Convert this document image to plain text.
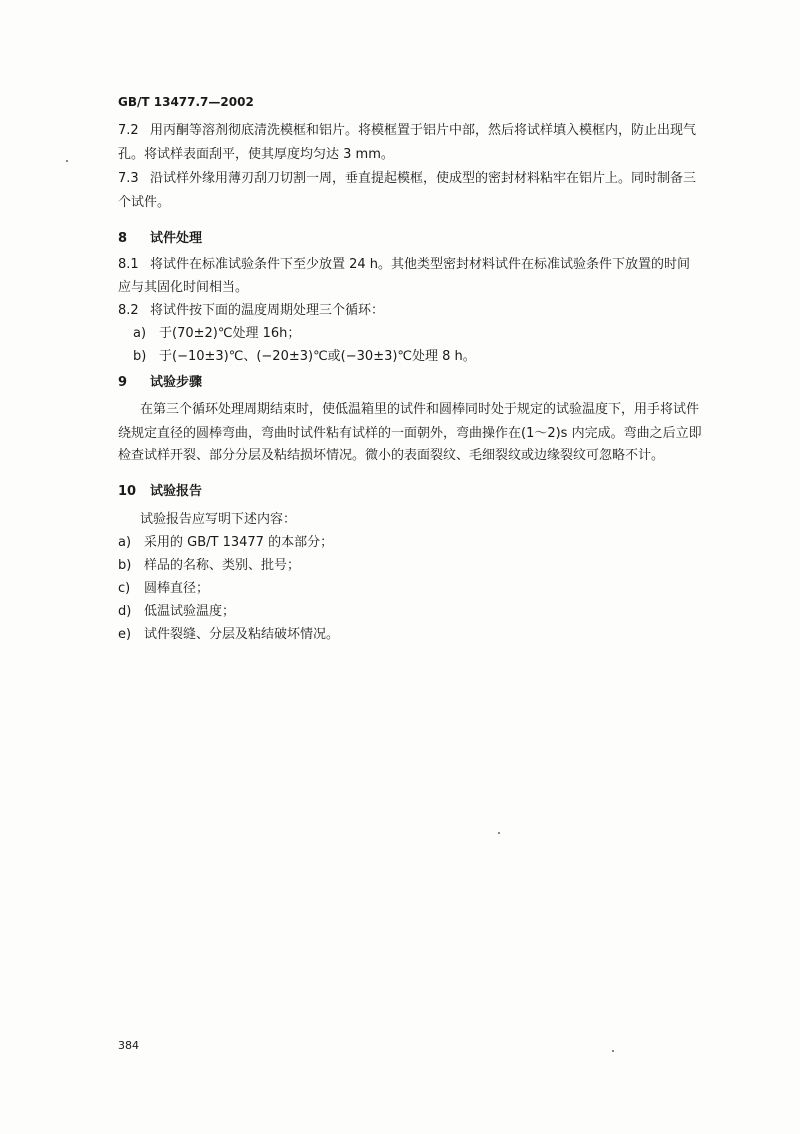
GB/T 13477.7—2002
7.2 用丙酮等溶剂彻底清洗模框和铝片。将模框置于铝片中部，然后将试样填入模框内，防止出现气
孔。将试样表面刮平，使其厚度均匀达 3 mm。
7.3 沿试样外缘用薄刃刮刀切割一周，垂直提起模框，使成型的密封材料粘牢在铝片上。同时制备三
个试件。
8 试件处理
8.1 将试件在标准试验条件下至少放置 24 h。其他类型密封材料试件在标准试验条件下放置的时间
应与其固化时间相当。
8.2 将试件按下面的温度周期处理三个循环：
a) 于(70±2)℃处理 16h；
b) 于(−10±3)℃、(−20±3)℃或(−30±3)℃处理 8 h。
9 试验步骤
在第三个循环处理周期结束时，使低温箱里的试件和圆棒同时处于规定的试验温度下，用手将试件
绕规定直径的圆棒弯曲，弯曲时试件粘有试样的一面朝外，弯曲操作在(1～2)s 内完成。弯曲之后立即
检查试样开裂、部分分层及粘结损坏情况。微小的表面裂纹、毛细裂纹或边缘裂纹可忽略不计。
10 试验报告
试验报告应写明下述内容：
a) 采用的 GB/T 13477 的本部分；
b) 样品的名称、类别、批号；
c) 圆棒直径；
d) 低温试验温度；
e) 试件裂缝、分层及粘结破坏情况。
384
